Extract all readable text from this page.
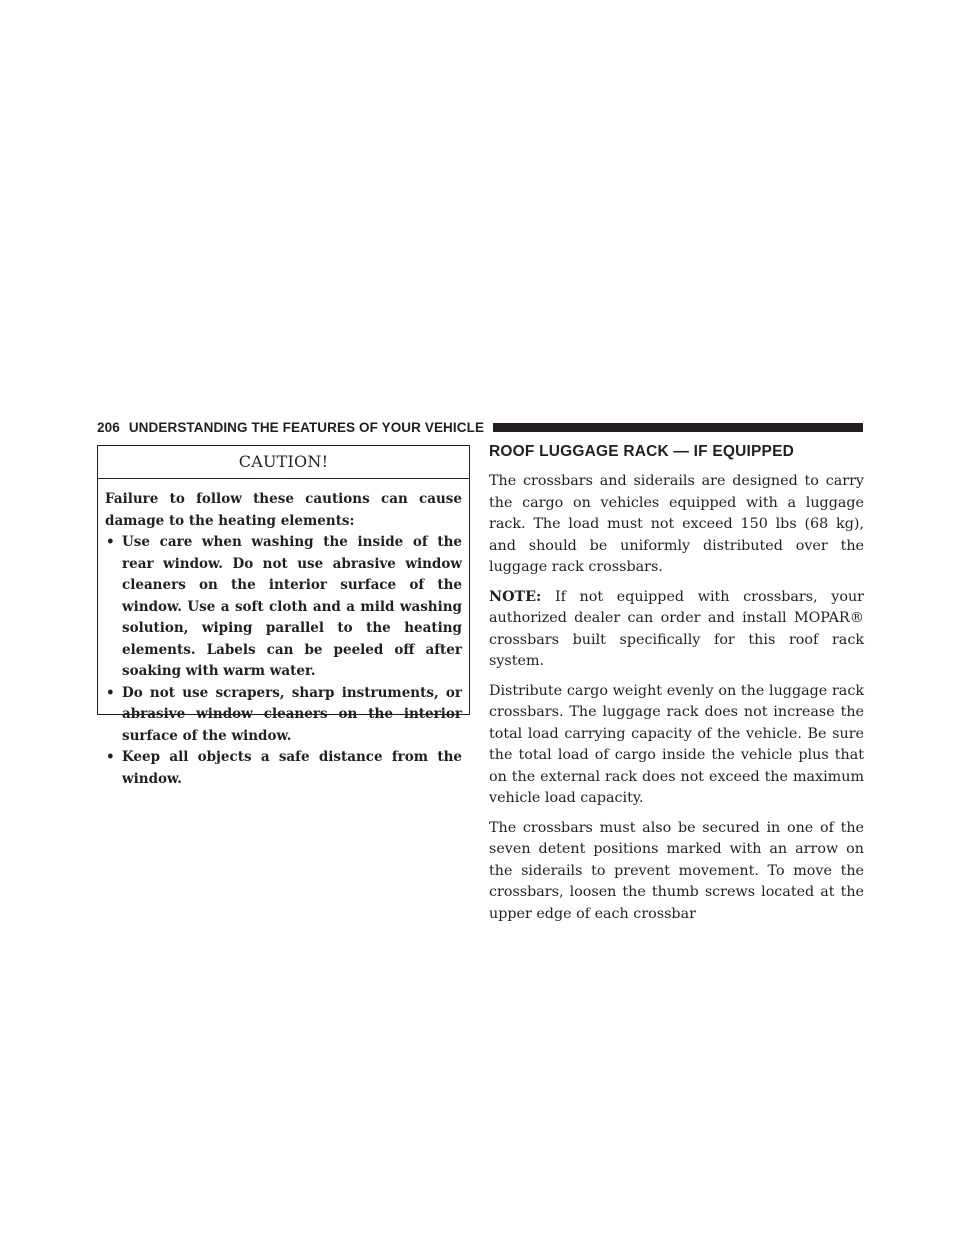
206 UNDERSTANDING THE FEATURES OF YOUR VEHICLE
CAUTION!

Failure to follow these cautions can cause damage to the heating elements:

• Use care when washing the inside of the rear window. Do not use abrasive window cleaners on the interior surface of the window. Use a soft cloth and a mild washing solution, wiping parallel to the heating elements. Labels can be peeled off after soaking with warm water.
• Do not use scrapers, sharp instruments, or abrasive window cleaners on the interior surface of the window.
• Keep all objects a safe distance from the window.
ROOF LUGGAGE RACK — IF EQUIPPED

The crossbars and siderails are designed to carry the cargo on vehicles equipped with a luggage rack. The load must not exceed 150 lbs (68 kg), and should be uniformly distributed over the luggage rack crossbars.

NOTE: If not equipped with crossbars, your authorized dealer can order and install MOPAR® crossbars built specifically for this roof rack system.

Distribute cargo weight evenly on the luggage rack crossbars. The luggage rack does not increase the total load carrying capacity of the vehicle. Be sure the total load of cargo inside the vehicle plus that on the external rack does not exceed the maximum vehicle load capacity.

The crossbars must also be secured in one of the seven detent positions marked with an arrow on the siderails to prevent movement. To move the crossbars, loosen the thumb screws located at the upper edge of each crossbar
